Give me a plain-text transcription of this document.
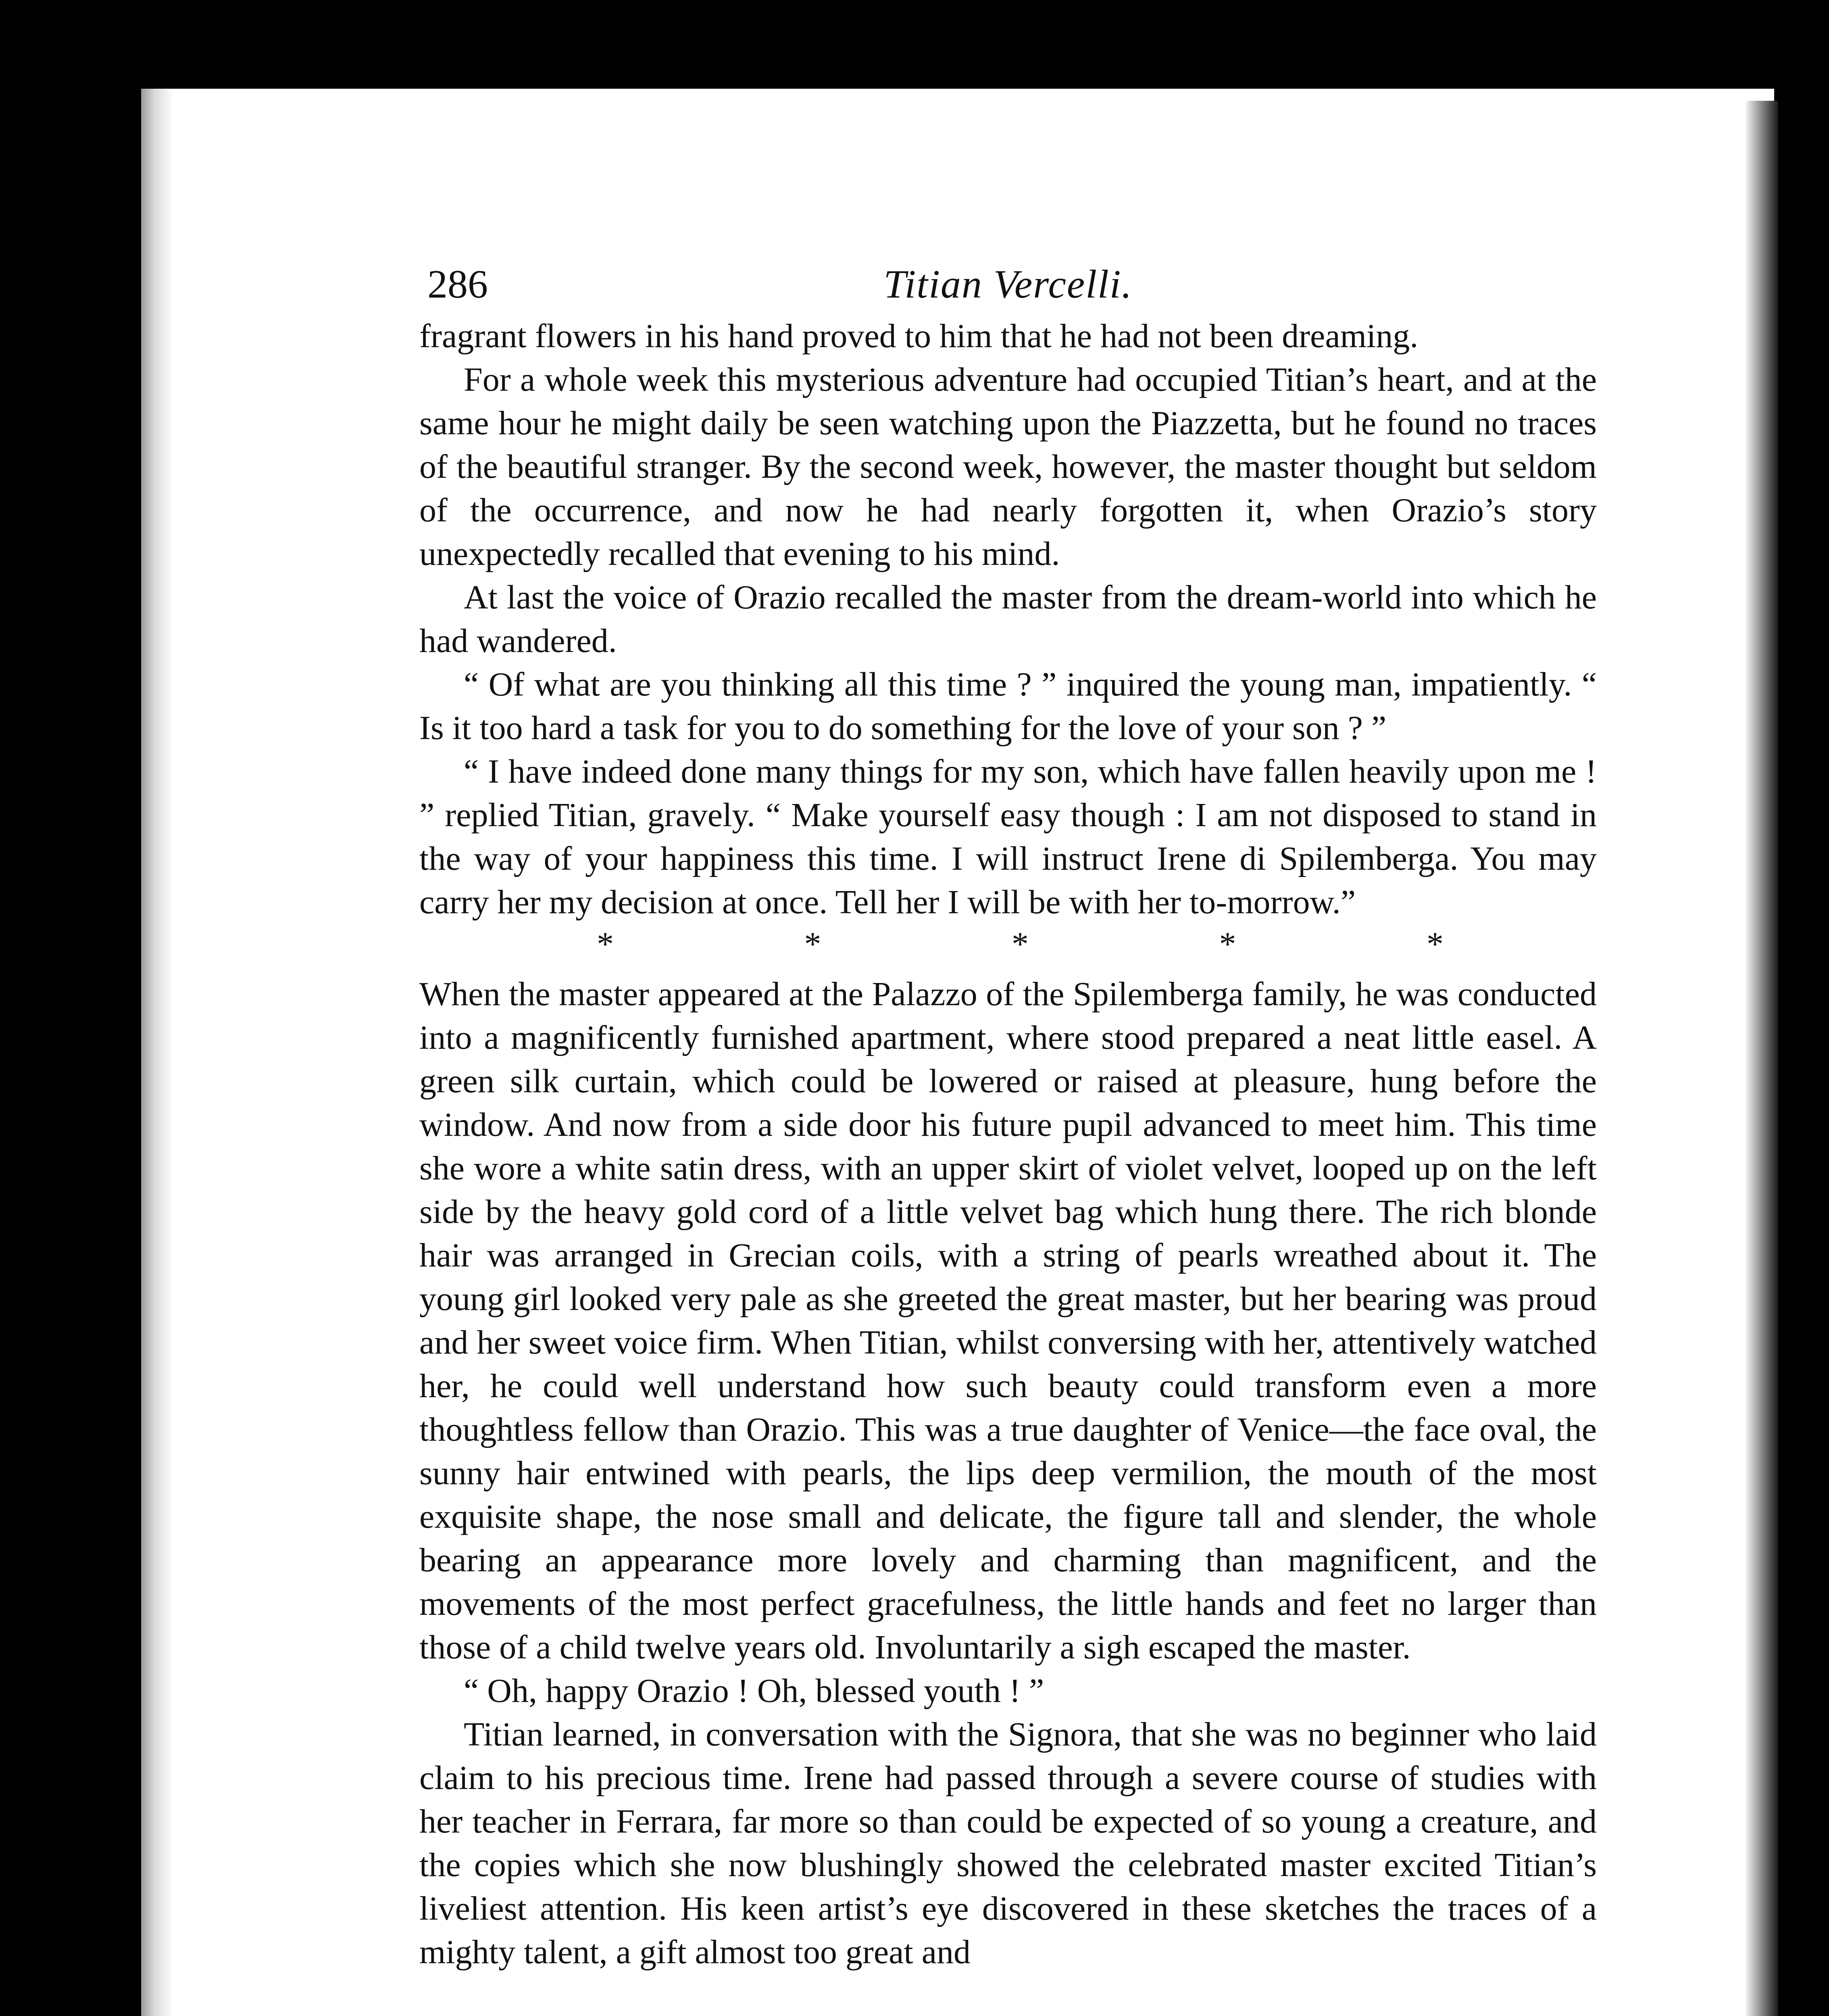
286	Titian Vercelli.

fragrant flowers in his hand proved to him that he had not been dreaming.

For a whole week this mysterious adventure had occupied Titian’s heart, and at the same hour he might daily be seen watching upon the Piazzetta, but he found no traces of the beautiful stranger. By the second week, however, the master thought but seldom of the occurrence, and now he had nearly forgotten it, when Orazio’s story unexpectedly recalled that evening to his mind.

At last the voice of Orazio recalled the master from the dream-world into which he had wandered.

“ Of what are you thinking all this time ? ” inquired the young man, impatiently. “ Is it too hard a task for you to do something for the love of your son ? ”

“ I have indeed done many things for my son, which have fallen heavily upon me ! ” replied Titian, gravely. “ Make yourself easy though : I am not disposed to stand in the way of your happiness this time. I will instruct Irene di Spilemberga. You may carry her my decision at once. Tell her I will be with her to-morrow.”

*	*	*	*	*

When the master appeared at the Palazzo of the Spilemberga family, he was conducted into a magnificently furnished apartment, where stood prepared a neat little easel. A green silk curtain, which could be lowered or raised at pleasure, hung before the window. And now from a side door his future pupil advanced to meet him. This time she wore a white satin dress, with an upper skirt of violet velvet, looped up on the left side by the heavy gold cord of a little velvet bag which hung there. The rich blonde hair was arranged in Grecian coils, with a string of pearls wreathed about it. The young girl looked very pale as she greeted the great master, but her bearing was proud and her sweet voice firm. When Titian, whilst conversing with her, attentively watched her, he could well understand how such beauty could transform even a more thoughtless fellow than Orazio. This was a true daughter of Venice—the face oval, the sunny hair entwined with pearls, the lips deep vermilion, the mouth of the most exquisite shape, the nose small and delicate, the figure tall and slender, the whole bearing an appearance more lovely and charming than magnificent, and the movements of the most perfect gracefulness, the little hands and feet no larger than those of a child twelve years old. Involuntarily a sigh escaped the master.

“ Oh, happy Orazio ! Oh, blessed youth ! ”

Titian learned, in conversation with the Signora, that she was no beginner who laid claim to his precious time. Irene had passed through a severe course of studies with her teacher in Ferrara, far more so than could be expected of so young a creature, and the copies which she now blushingly showed the celebrated master excited Titian’s liveliest attention. His keen artist’s eye discovered in these sketches the traces of a mighty talent, a gift almost too great and
